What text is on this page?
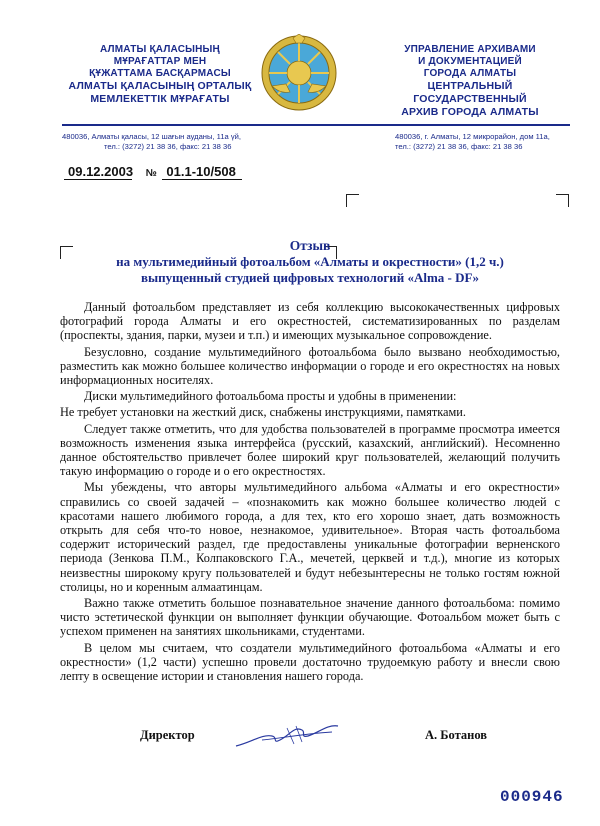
АЛМАТЫ ҚАЛАСЫНЫҢ
МҰРАҒАТТАР МЕН
ҚҰЖАТТАМА БАСҚАРМАСЫ
АЛМАТЫ ҚАЛАСЫНЫҢ ОРТАЛЫҚ
МЕМЛЕКЕТТІК МҰРАҒАТЫ
УПРАВЛЕНИЕ АРХИВАМИ
И ДОКУМЕНТАЦИЕЙ
ГОРОДА АЛМАТЫ
ЦЕНТРАЛЬНЫЙ ГОСУДАРСТВЕННЫЙ
АРХИВ ГОРОДА АЛМАТЫ
480036, Алматы қаласы, 12 шағын ауданы, 11а үй,
тел.: (3272) 21 38 36, факс: 21 38 36
480036, г. Алматы, 12 микрорайон, дом 11а,
тел.: (3272) 21 38 36, факс: 21 38 36
09.12.2003 № 01.1-10/508
Отзыв
на мультимедийный фотоальбом «Алматы и окрестности» (1,2 ч.)
выпущенный студией цифровых технологий «Alma - DF»

Данный фотоальбом представляет из себя коллекцию высококачественных цифровых фотографий города Алматы и его окрестностей, систематизированных по разделам (проспекты, здания, парки, музеи и т.п.) и имеющих музыкальное сопровождение.

Безусловно, создание мультимедийного фотоальбома было вызвано необходимостью, разместить как можно большее количество информации о городе и его окрестностях на новых информационных носителях.

Диски мультимедийного фотоальбома просты и удобны в применении:

Не требует установки на жесткий диск, снабжены инструкциями, памятками.

Следует также отметить, что для удобства пользователей в программе просмотра имеется возможность изменения языка интерфейса (русский, казахский, английский). Несомненно данное обстоятельство привлечет более широкий круг пользователей, желающий получить такую информацию о городе и о его окрестностях.

Мы убеждены, что авторы мультимедийного альбома «Алматы и его окрестности» справились со своей задачей – «познакомить как можно большее количество людей с красотами нашего любимого города, а для тех, кто его хорошо знает, дать возможность открыть для себя что-то новое, незнакомое, удивительное». Вторая часть фотоальбома содержит исторический раздел, где предоставлены уникальные фотографии верненского периода (Зенкова П.М., Колпаковского Г.А., мечетей, церквей и т.д.), многие из которых неизвестны широкому кругу пользователей и будут небезынтересны не только гостям южной столицы, но и коренным алмаатинцам.

Важно также отметить большое познавательное значение данного фотоальбома: помимо чисто эстетической функции он выполняет функции обучающие. Фотоальбом может быть с успехом применен на занятиях школьниками, студентами.

В целом мы считаем, что создатели мультимедийного фотоальбома «Алматы и его окрестности» (1,2 части) успешно провели достаточно трудоемкую работу и внесли свою лепту в освещение истории и становления нашего города.

Директор	А. Ботанов
000946
